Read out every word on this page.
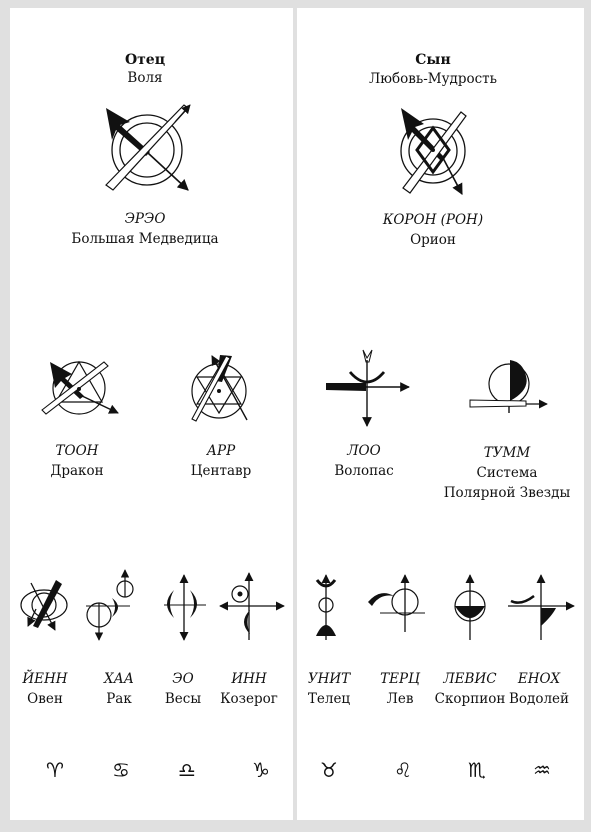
Отец
Воля
ЭРЭО
Большая Медведица
Сын
Любовь-Мудрость
КОРОН (РОН)
Орион
ТООН
Дракон
АРР
Центавр
ЛОО
Волопас
ТУММ
Система
Полярной Звезды
ЙЕНН	ХАА	ЭО	ИНН	УНИТ ТЕРЦ ЛЕВИС ЕНОХ
Овен	Рак Весы Козерог Телец	Лев Скорпион Водолей
♈ ♋ ♎	♑	♉	♌	♏ ♒
